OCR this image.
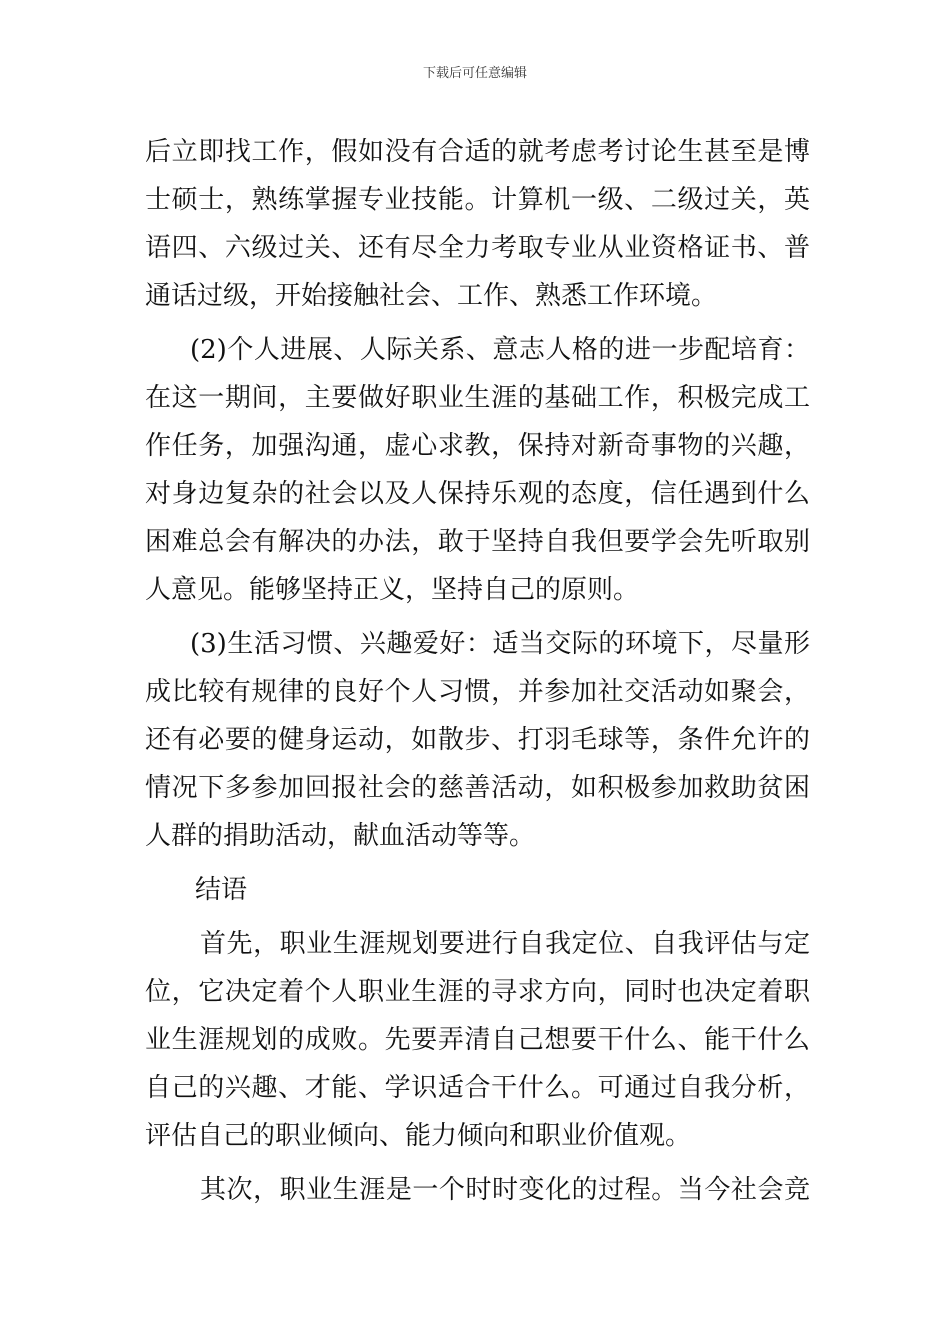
下载后可任意编辑
后立即找工作，假如没有合适的就考虑考讨论生甚至是博
士硕士，熟练掌握专业技能。计算机一级、二级过关，英
语四、六级过关、还有尽全力考取专业从业资格证书、普
通话过级，开始接触社会、工作、熟悉工作环境。
(2)个人进展、人际关系、意志人格的进一步配培育：
在这一期间，主要做好职业生涯的基础工作，积极完成工
作任务，加强沟通，虚心求教，保持对新奇事物的兴趣，
对身边复杂的社会以及人保持乐观的态度，信任遇到什么
困难总会有解决的办法，敢于坚持自我但要学会先听取别
人意见。能够坚持正义，坚持自己的原则。
(3)生活习惯、兴趣爱好：适当交际的环境下，尽量形
成比较有规律的良好个人习惯，并参加社交活动如聚会，
还有必要的健身运动，如散步、打羽毛球等，条件允许的
情况下多参加回报社会的慈善活动，如积极参加救助贫困
人群的捐助活动，献血活动等等。
结语
首先，职业生涯规划要进行自我定位、自我评估与定
位，它决定着个人职业生涯的寻求方向，同时也决定着职
业生涯规划的成败。先要弄清自己想要干什么、能干什么
自己的兴趣、才能、学识适合干什么。可通过自我分析，
评估自己的职业倾向、能力倾向和职业价值观。
其次，职业生涯是一个时时变化的过程。当今社会竞
